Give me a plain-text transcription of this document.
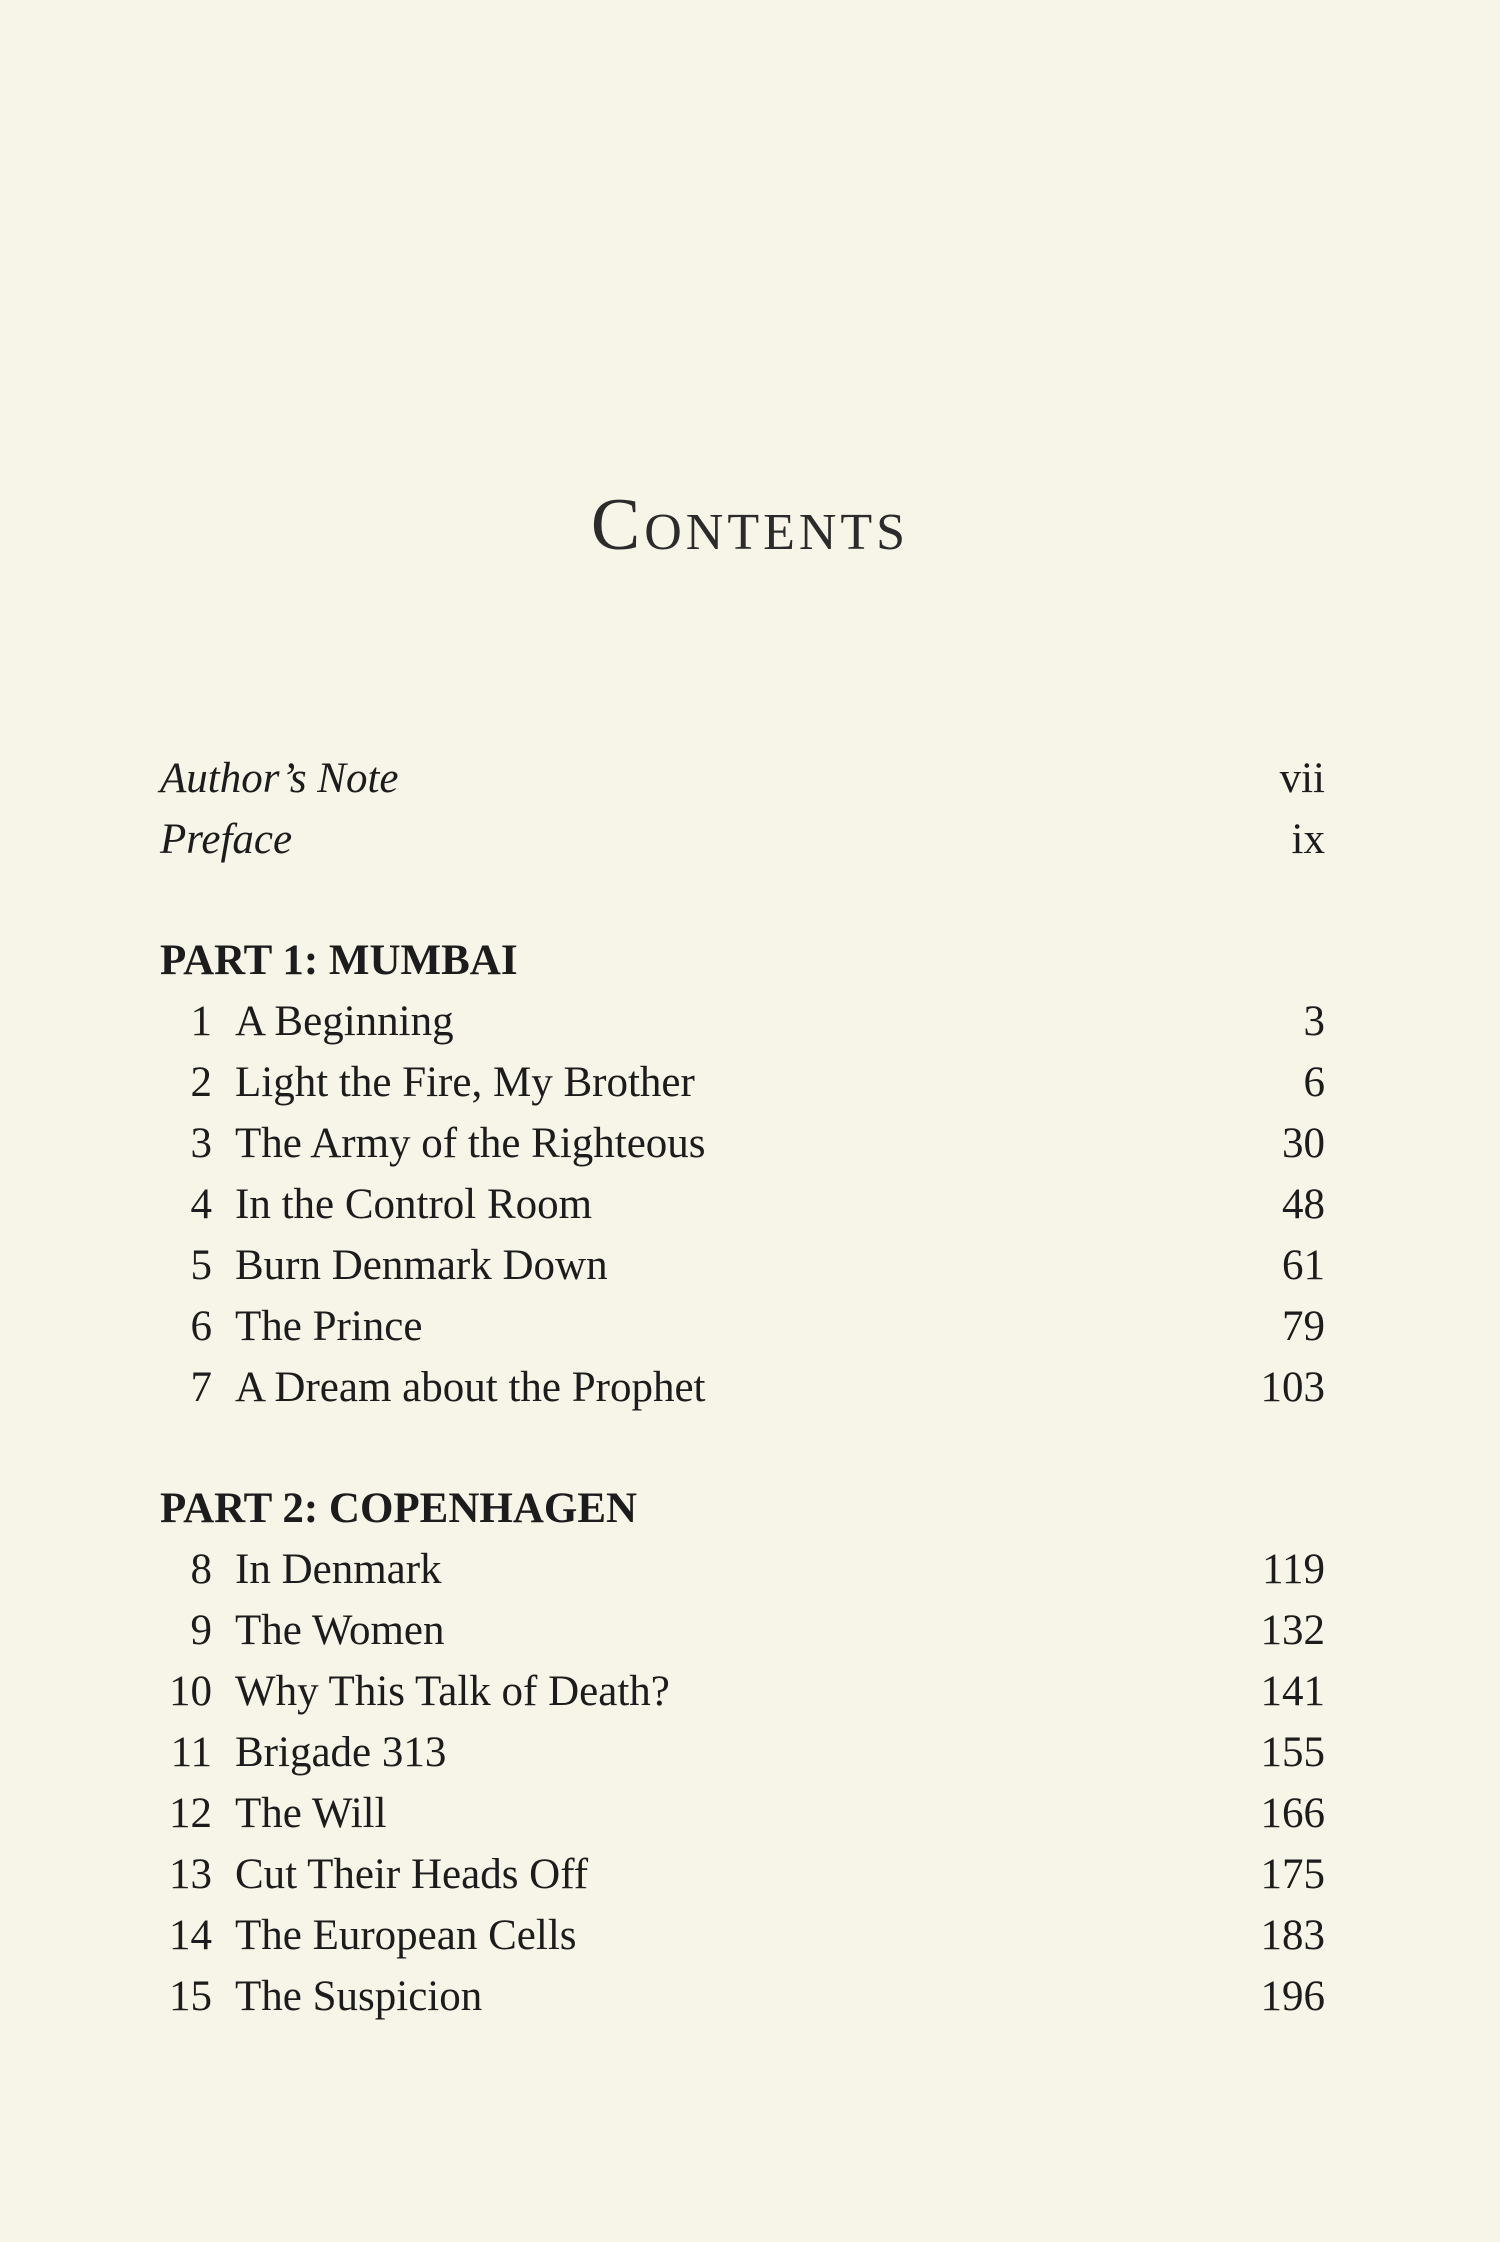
Contents
Author’s Note	vii
Preface	ix
PART 1: MUMBAI
1 A Beginning	3
2 Light the Fire, My Brother	6
3 The Army of the Righteous	30
4 In the Control Room	48
5 Burn Denmark Down	61
6 The Prince	79
7 A Dream about the Prophet	103
PART 2: COPENHAGEN
8 In Denmark	119
9 The Women	132
10 Why This Talk of Death?	141
11 Brigade 313	155
12 The Will	166
13 Cut Their Heads Off	175
14 The European Cells	183
15 The Suspicion	196
